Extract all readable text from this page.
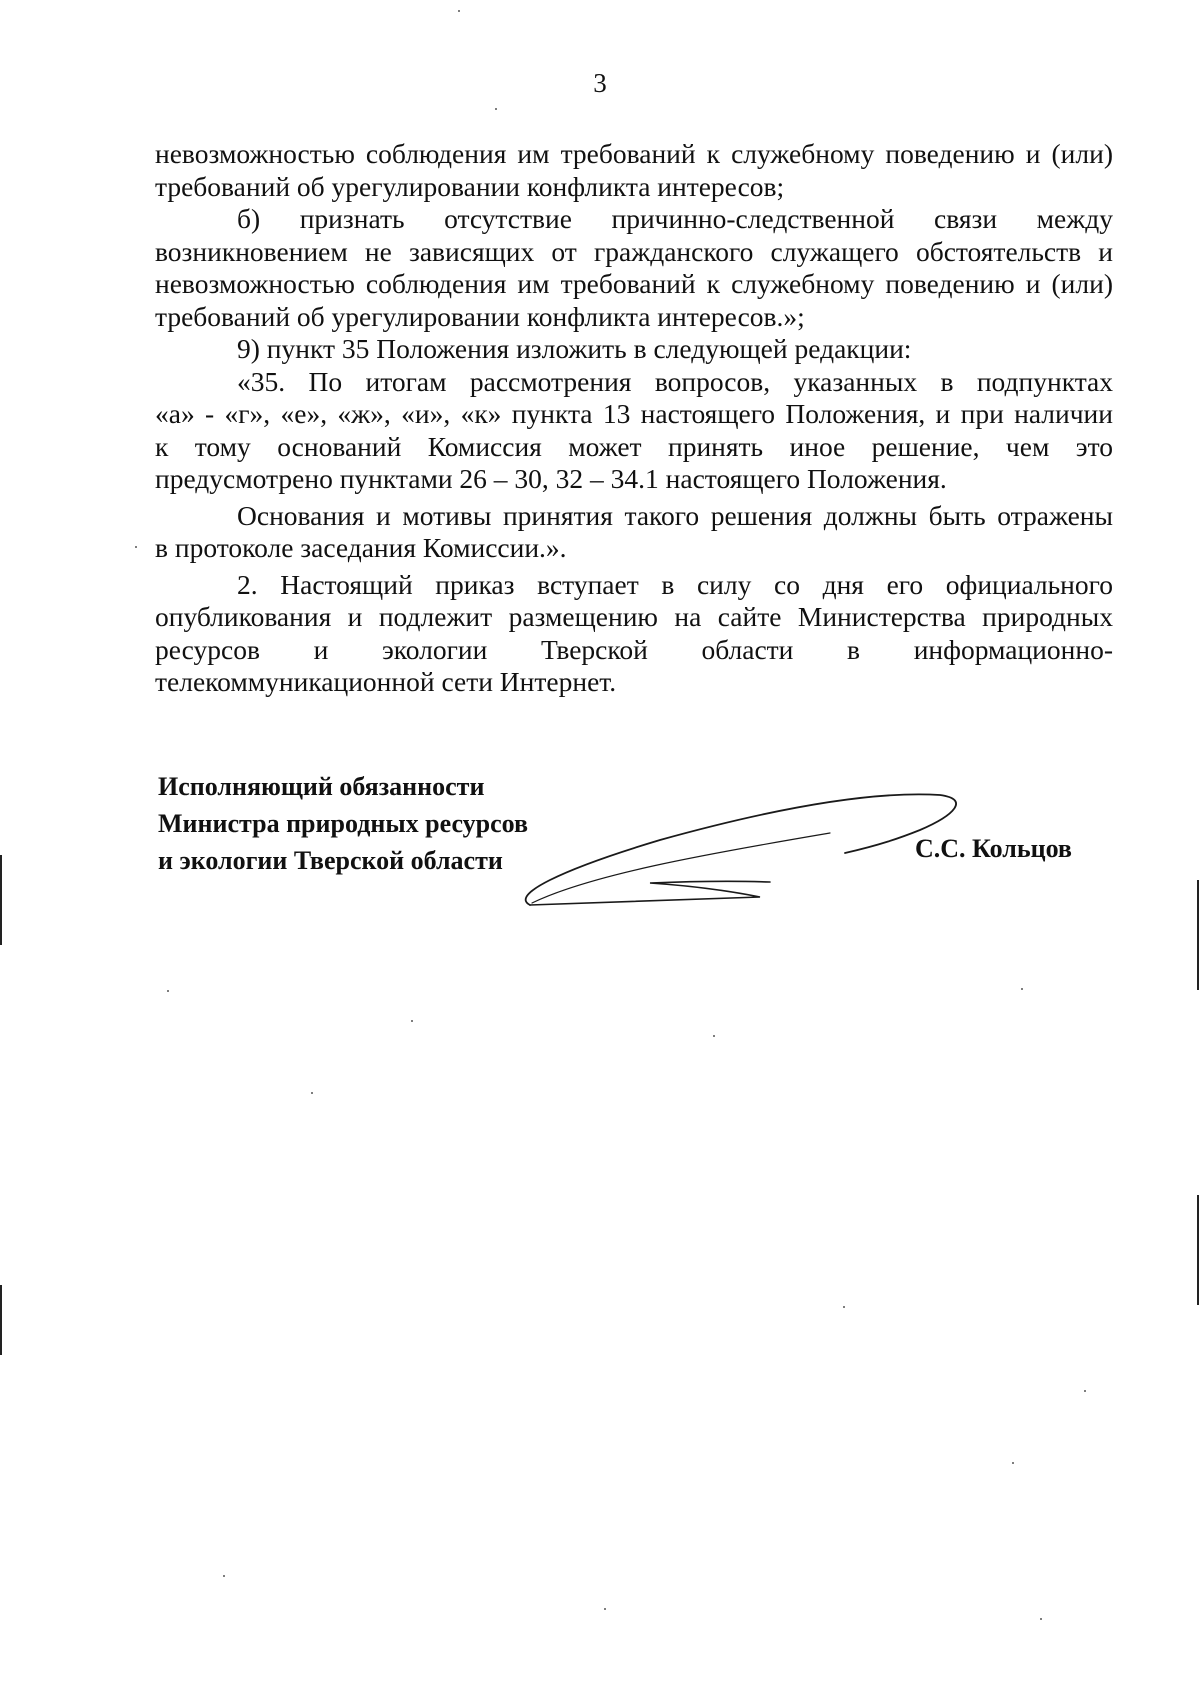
3
невозможностью соблюдения им требований к служебному поведению и (или)
требований об урегулировании конфликта интересов;
б) признать отсутствие причинно-следственной связи между
возникновением не зависящих от гражданского служащего обстоятельств и
невозможностью соблюдения им требований к служебному поведению и (или)
требований об урегулировании конфликта интересов.»;
9) пункт 35 Положения изложить в следующей редакции:
«35. По итогам рассмотрения вопросов, указанных в подпунктах
«а» - «г», «е», «ж», «и», «к» пункта 13 настоящего Положения, и при наличии
к тому оснований Комиссия может принять иное решение, чем это
предусмотрено пунктами 26 – 30, 32 – 34.1 настоящего Положения.
Основания и мотивы принятия такого решения должны быть отражены
в протоколе заседания Комиссии.».
2. Настоящий приказ вступает в силу со дня его официального
опубликования и подлежит размещению на сайте Министерства природных
ресурсов и экологии Тверской области в информационно-
телекоммуникационной сети Интернет.
Исполняющий обязанности
Министра природных ресурсов
и экологии Тверской области	С.С. Кольцов
